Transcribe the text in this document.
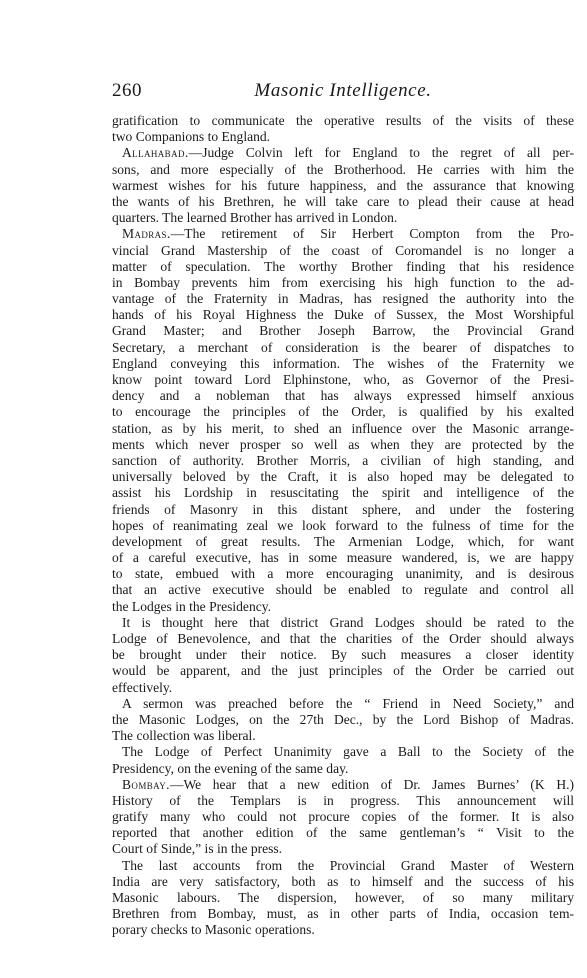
260	Masonic Intelligence.
gratification to communicate the operative results of the visits of these
two Companions to England.
Allahabad.—Judge Colvin left for England to the regret of all per-
sons, and more especially of the Brotherhood. He carries with him the
warmest wishes for his future happiness, and the assurance that knowing
the wants of his Brethren, he will take care to plead their cause at head
quarters. The learned Brother has arrived in London.
Madras.—The retirement of Sir Herbert Compton from the Pro-
vincial Grand Mastership of the coast of Coromandel is no longer a
matter of speculation. The worthy Brother finding that his residence
in Bombay prevents him from exercising his high function to the ad-
vantage of the Fraternity in Madras, has resigned the authority into the
hands of his Royal Highness the Duke of Sussex, the Most Worshipful
Grand Master; and Brother Joseph Barrow, the Provincial Grand
Secretary, a merchant of consideration is the bearer of dispatches to
England conveying this information. The wishes of the Fraternity we
know point toward Lord Elphinstone, who, as Governor of the Presi-
dency and a nobleman that has always expressed himself anxious
to encourage the principles of the Order, is qualified by his exalted
station, as by his merit, to shed an influence over the Masonic arrange-
ments which never prosper so well as when they are protected by the
sanction of authority. Brother Morris, a civilian of high standing, and
universally beloved by the Craft, it is also hoped may be delegated to
assist his Lordship in resuscitating the spirit and intelligence of the
friends of Masonry in this distant sphere, and under the fostering
hopes of reanimating zeal we look forward to the fulness of time for the
development of great results. The Armenian Lodge, which, for want
of a careful executive, has in some measure wandered, is, we are happy
to state, embued with a more encouraging unanimity, and is desirous
that an active executive should be enabled to regulate and control all
the Lodges in the Presidency.
It is thought here that district Grand Lodges should be rated to the
Lodge of Benevolence, and that the charities of the Order should always
be brought under their notice. By such measures a closer identity
would be apparent, and the just principles of the Order be carried out
effectively.
A sermon was preached before the “ Friend in Need Society,” and
the Masonic Lodges, on the 27th Dec., by the Lord Bishop of Madras.
The collection was liberal.
The Lodge of Perfect Unanimity gave a Ball to the Society of the
Presidency, on the evening of the same day.
Bombay.—We hear that a new edition of Dr. James Burnes’ (K H.)
History of the Templars is in progress. This announcement will
gratify many who could not procure copies of the former. It is also
reported that another edition of the same gentleman’s “ Visit to the
Court of Sinde,” is in the press.
The last accounts from the Provincial Grand Master of Western
India are very satisfactory, both as to himself and the success of his
Masonic labours. The dispersion, however, of so many military
Brethren from Bombay, must, as in other parts of India, occasion tem-
porary checks to Masonic operations.
